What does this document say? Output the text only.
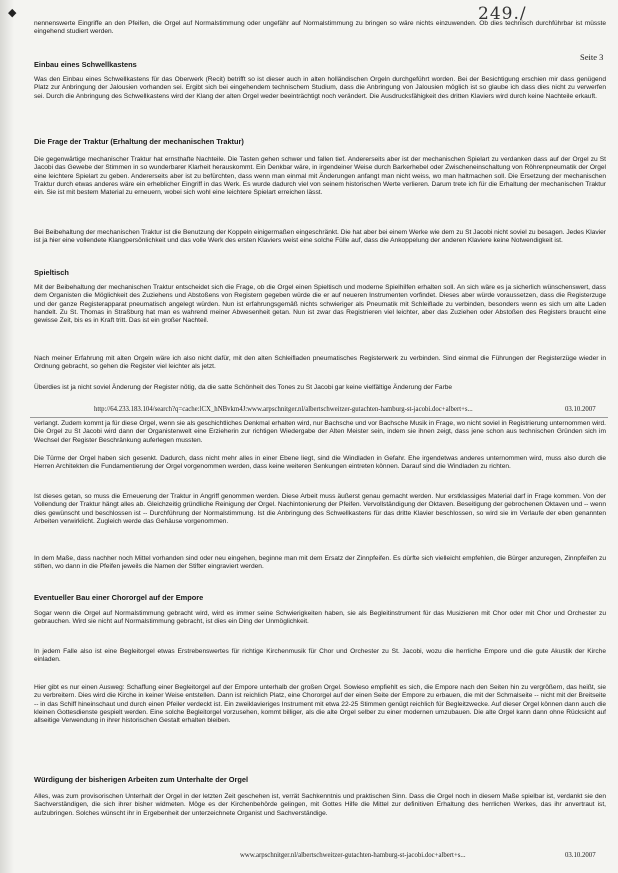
◆	249./
Seite 3
nennenswerte Eingriffe an den Pfeifen, die Orgel auf Normalstimmung oder ungefähr auf Normalstimmung zu bringen so wäre nichts einzuwenden. Ob dies technisch durchführbar ist müsste eingehend studiert werden.
Einbau eines Schwellkastens
Was den Einbau eines Schwellkastens für das Oberwerk (Recit) betrifft so ist dieser auch in alten holländischen Orgeln durchgeführt worden. Bei der Besichtigung erschien mir dass genügend Platz zur Anbringung der Jalousien vorhanden sei. Ergibt sich bei eingehendem technischem Studium, dass die Anbringung von Jalousien möglich ist so glaube ich dass dies nicht zu verwerfen sei. Durch die Anbringung des Schwellkastens wird der Klang der alten Orgel weder beeinträchtigt noch verändert. Die Ausdrucksfähigkeit des dritten Klaviers wird durch keine Nachteile erkauft.
Die Frage der Traktur (Erhaltung der mechanischen Traktur)
Die gegenwärtige mechanischer Traktur hat ernsthafte Nachteile. Die Tasten gehen schwer und fallen tief. Andererseits aber ist der mechanischen Spielart zu verdanken dass auf der Orgel zu St Jacobi das Gewebe der Stimmen in so wunderbarer Klarheit herauskommt. Ein Denkbar wäre, in irgendeiner Weise durch Barkerhebel oder Zwischeneinschaltung von Röhrenpneumatik der Orgel eine leichtere Spielart zu geben. Andererseits aber ist zu befürchten, dass wenn man einmal mit Änderungen anfangt man nicht weiss, wo man haltmachen soll. Die Ersetzung der mechanischen Traktur durch etwas anderes wäre ein erheblicher Eingriff in das Werk. Es wurde dadurch viel von seinem historischen Werte verlieren. Darum trete ich für die Erhaltung der mechanischen Traktur ein. Sie ist mit bestem Material zu erneuern, wobei sich wohl eine leichtere Spielart erreichen lässt.
Bei Beibehaltung der mechanischen Traktur ist die Benutzung der Koppeln einigermaßen eingeschränkt. Die hat aber bei einem Werke wie dem zu St Jacobi nicht soviel zu besagen. Jedes Klavier ist ja hier eine vollendete Klangpersönlichkeit und das volle Werk des ersten Klaviers weist eine solche Fülle auf, dass die Ankoppelung der anderen Klaviere keine Notwendigkeit ist.
Spieltisch
Mit der Beibehaltung der mechanischen Traktur entscheidet sich die Frage, ob die Orgel einen Spieltisch und moderne Spielhilfen erhalten soll. An sich wäre es ja sicherlich wünschenswert, dass dem Organisten die Möglichkeit des Zuziehens und Abstoßens von Registern gegeben würde die er auf neueren Instrumenten vorfindet. Dieses aber würde voraussetzen, dass die Registerzuge und der ganze Registerapparat pneumatisch angelegt würden. Nun ist erfahrungsgemäß nichts schwieriger als Pneumatik mit Schleiflade zu verbinden, besonders wenn es sich um alte Laden handelt. Zu St. Thomas in Straßburg hat man es wahrend meiner Abwesenheit getan. Nun ist zwar das Registrieren viel leichter, aber das Zuziehen oder Abstoßen des Registers braucht eine gewisse Zeit, bis es in Kraft tritt. Das ist ein großer Nachteil.
Nach meiner Erfahrung mit alten Orgeln wäre ich also nicht dafür, mit den alten Schleifladen pneumatisches Registerwerk zu verbinden. Sind einmal die Führungen der Registerzüge wieder in Ordnung gebracht, so gehen die Register viel leichter als jetzt.
Überdies ist ja nicht soviel Änderung der Register nötig, da die satte Schönheit des Tones zu St Jacobi gar keine vielfältige Änderung der Farbe
http://64.233.183.104/search?q=cache:lCX_hNBvkm4J:www.arpschnitger.nl/albertschweitzer-gutachten-hamburg-st-jacobi.doc+albert+s...	03.10.2007
verlangt. Zudem kommt ja für diese Orgel, wenn sie als geschichtliches Denkmal erhalten wird, nur Bachsche und vor Bachsche Musik in Frage, wo nicht soviel in Registrierung unternommen wird. Die Orgel zu St Jacobi wird dann der Organistenwelt eine Erzieherin zur richtigen Wiedergabe der Alten Meister sein, indem sie ihnen zeigt, dass jene schon aus technischen Gründen sich im Wechsel der Register Beschränkung auferlegen mussten.
Die Türme der Orgel haben sich gesenkt. Dadurch, dass nicht mehr alles in einer Ebene liegt, sind die Windladen in Gefahr. Ehe irgendetwas anderes unternommen wird, muss also durch die Herren Architekten die Fundamentierung der Orgel vorgenommen werden, dass keine weiteren Senkungen eintreten können. Darauf sind die Windladen zu richten.
Ist dieses getan, so muss die Erneuerung der Traktur in Angriff genommen werden. Diese Arbeit muss äußerst genau gemacht werden. Nur erstklassiges Material darf in Frage kommen. Von der Vollendung der Traktur hängt alles ab. Gleichzeitig gründliche Reinigung der Orgel. Nachintonierung der Pfeifen. Vervollständigung der Oktaven. Beseitigung der gebrochenen Oktaven und -- wenn dies gewünscht und beschlossen ist -- Durchführung der Normalstimmung. Ist die Anbringung des Schwellkastens für das dritte Klavier beschlossen, so wird sie im Verlaufe der eben genannten Arbeiten verwirklicht. Zugleich werde das Gehäuse vorgenommen.
In dem Maße, dass nachher noch Mittel vorhanden sind oder neu eingehen, beginne man mit dem Ersatz der Zinnpfeifen. Es dürfte sich vielleicht empfehlen, die Bürger anzuregen, Zinnpfeifen zu stiften, wo dann in die Pfeifen jeweils die Namen der Stifter eingraviert werden.
Eventueller Bau einer Chororgel auf der Empore
Sogar wenn die Orgel auf Normalstimmung gebracht wird, wird es immer seine Schwierigkeiten haben, sie als Begleitinstrument für das Musizieren mit Chor oder mit Chor und Orchester zu gebrauchen. Wird sie nicht auf Normalstimmung gebracht, ist dies ein Ding der Unmöglichkeit.
In jedem Falle also ist eine Begleitorgel etwas Erstrebenswertes für richtige Kirchenmusik für Chor und Orchester zu St. Jacobi, wozu die herrliche Empore und die gute Akustik der Kirche einladen.
Hier gibt es nur einen Ausweg: Schaffung einer Begleitorgel auf der Empore unterhalb der großen Orgel. Sowieso empfiehlt es sich, die Empore nach den Seiten hin zu vergrößern, das heißt, sie zu verbreitern. Dies wird die Kirche in keiner Weise entstellen. Dann ist reichlich Platz, eine Chororgel auf der einen Seite der Empore zu erbauen, die mit der Schmalseite -- nicht mit der Breitseite -- in das Schiff hineinschaut und durch einen Pfeiler verdeckt ist. Ein zweiklavieriges Instrument mit etwa 22-25 Stimmen genügt reichlich für Begleitzwecke. Auf dieser Orgel können dann auch die kleinen Gottesdienste gespielt werden. Eine solche Begleitorgel vorzusehen, kommt billiger, als die alte Orgel selber zu einer modernen umzubauen. Die alte Orgel kann dann ohne Rücksicht auf allseitige Verwendung in ihrer historischen Gestalt erhalten bleiben.
Würdigung der bisherigen Arbeiten zum Unterhalte der Orgel
Alles, was zum provisorischen Unterhalt der Orgel in der letzten Zeit geschehen ist, verrät Sachkenntnis und praktischen Sinn. Dass die Orgel noch in diesem Maße spielbar ist, verdankt sie den Sachverständigen, die sich ihrer bisher widmeten. Möge es der Kirchenbehörde gelingen, mit Gottes Hilfe die Mittel zur definitiven Erhaltung des herrlichen Werkes, das ihr anvertraut ist, aufzubringen. Solches wünscht ihr in Ergebenheit der unterzeichnete Organist und Sachverständige.
www.arpschnitger.nl/albertschweitzer-gutachten-hamburg-st-jacobi.doc+albert+s...	03.10.2007
